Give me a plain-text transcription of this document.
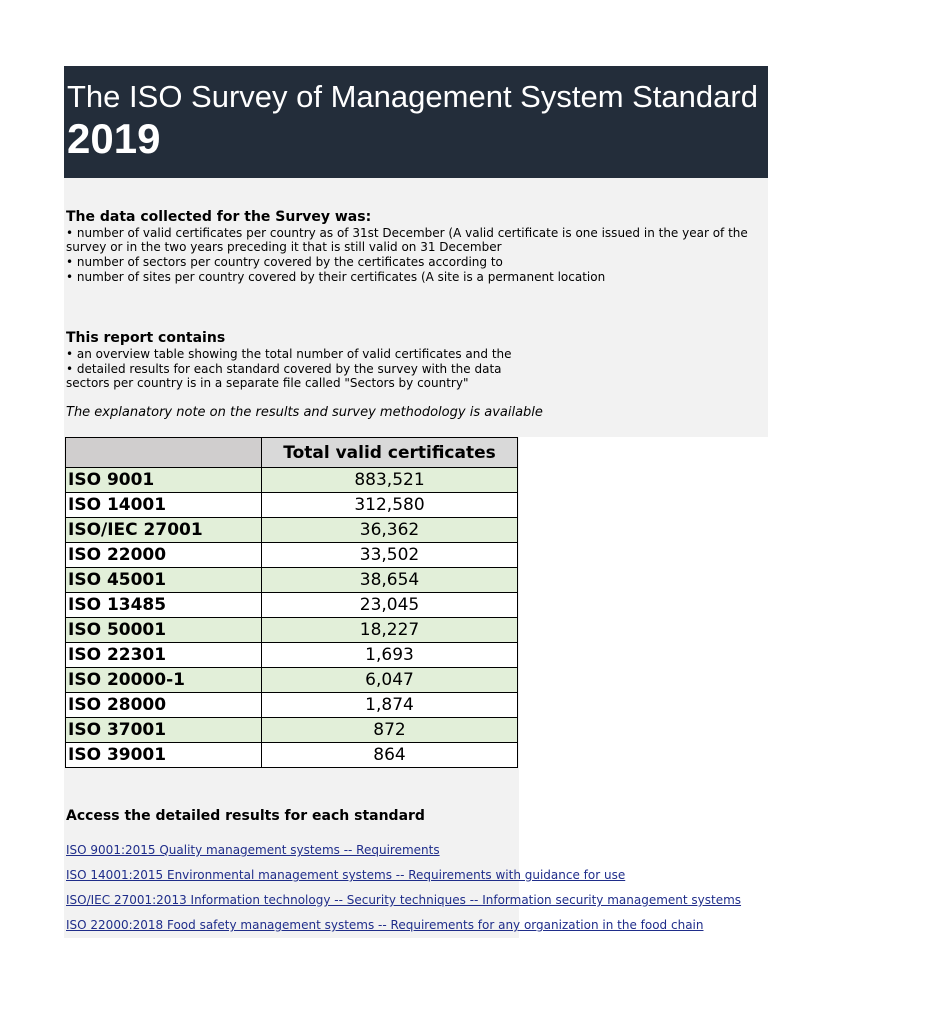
The ISO Survey of Management System Standard Certifications
2019
The data collected for the Survey was:
• number of valid certificates per country as of 31st December (A valid certificate is one issued in the year of the
survey or in the two years preceding it that is still valid on 31 December
• number of sectors per country covered by the certificates according to
• number of sites per country covered by their certificates (A site is a permanent location
This report contains
• an overview table showing the total number of valid certificates and the
• detailed results for each standard covered by the survey with the data
sectors per country is in a separate file called "Sectors by country"
The explanatory note on the results and survey methodology is available
	Total valid certificates
ISO 9001	883,521
ISO 14001	312,580
ISO/IEC 27001	36,362
ISO 22000	33,502
ISO 45001	38,654
ISO 13485	23,045
ISO 50001	18,227
ISO 22301	1,693
ISO 20000-1	6,047
ISO 28000	1,874
ISO 37001	872
ISO 39001	864
Access the detailed results for each standard
ISO 9001:2015 Quality management systems -- Requirements
ISO 14001:2015 Environmental management systems -- Requirements with guidance for use
ISO/IEC 27001:2013 Information technology -- Security techniques -- Information security management systems
ISO 22000:2018 Food safety management systems -- Requirements for any organization in the food chain
